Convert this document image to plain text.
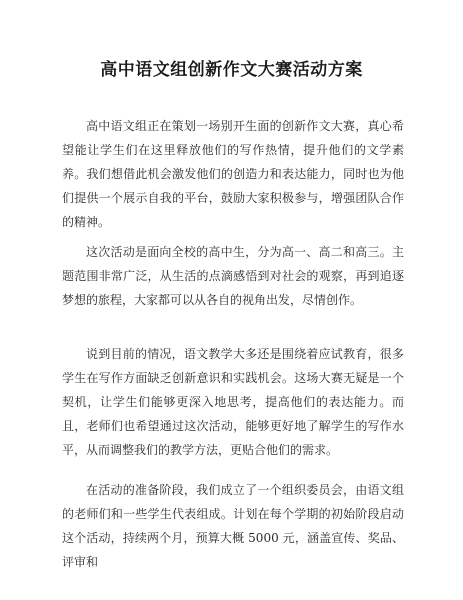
高中语文组创新作文大赛活动方案

高中语文组正在策划一场别开生面的创新作文大赛，真心希望能让学生们在这里释放他们的写作热情，提升他们的文学素养。我们想借此机会激发他们的创造力和表达能力，同时也为他们提供一个展示自我的平台，鼓励大家积极参与，增强团队合作的精神。

这次活动是面向全校的高中生，分为高一、高二和高三。主题范围非常广泛，从生活的点滴感悟到对社会的观察，再到追逐梦想的旅程，大家都可以从各自的视角出发，尽情创作。

说到目前的情况，语文教学大多还是围绕着应试教育，很多学生在写作方面缺乏创新意识和实践机会。这场大赛无疑是一个契机，让学生们能够更深入地思考，提高他们的表达能力。而且，老师们也希望通过这次活动，能够更好地了解学生的写作水平，从而调整我们的教学方法，更贴合他们的需求。

在活动的准备阶段，我们成立了一个组织委员会，由语文组的老师们和一些学生代表组成。计划在每个学期的初始阶段启动这个活动，持续两个月，预算大概 5000 元，涵盖宣传、奖品、评审和
